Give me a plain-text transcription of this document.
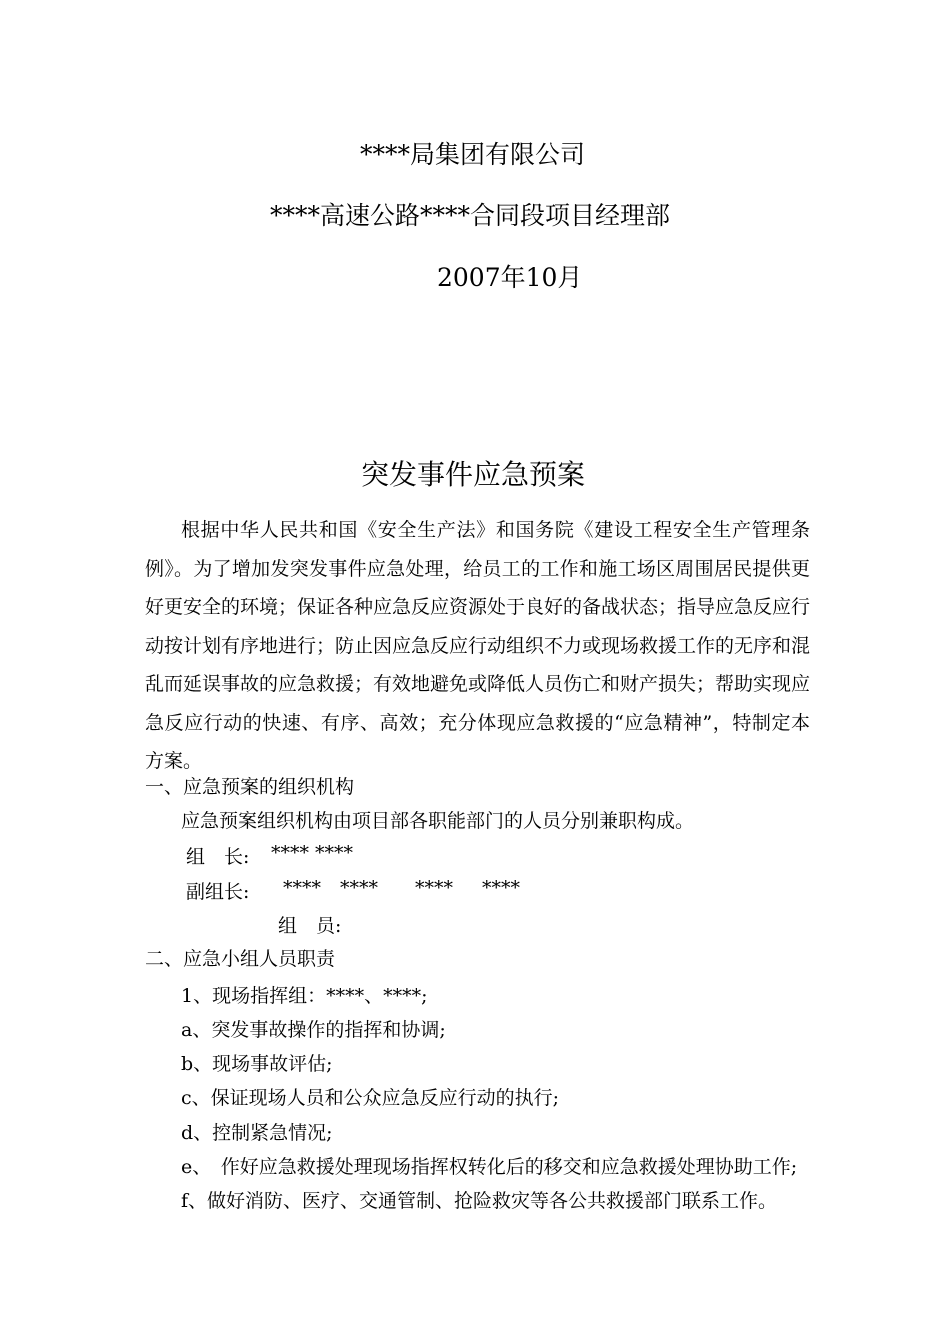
****局集团有限公司
****高速公路****合同段项目经理部
2007年10月
突发事件应急预案
根据中华人民共和国《安全生产法》和国务院《建设工程安全生产管理条例》。为了增加发突发事件应急处理，给员工的工作和施工场区周围居民提供更好更安全的环境；保证各种应急反应资源处于良好的备战状态；指导应急反应行动按计划有序地进行；防止因应急反应行动组织不力或现场救援工作的无序和混乱而延误事故的应急救援；有效地避免或降低人员伤亡和财产损失；帮助实现应急反应行动的快速、有序、高效；充分体现应急救援的“应急精神”，特制定本方案。
一、应急预案的组织机构
应急预案组织机构由项目部各职能部门的人员分别兼职构成。
组　长: **** ****
副组长: **** **** **** ****
组　员:
二、应急小组人员职责
1、现场指挥组：****、****;
a、突发事故操作的指挥和协调;
b、现场事故评估;
c、保证现场人员和公众应急反应行动的执行;
d、控制紧急情况;
e、　作好应急救援处理现场指挥权转化后的移交和应急救援处理协助工作;
f、做好消防、医疗、交通管制、抢险救灾等各公共救援部门联系工作。
